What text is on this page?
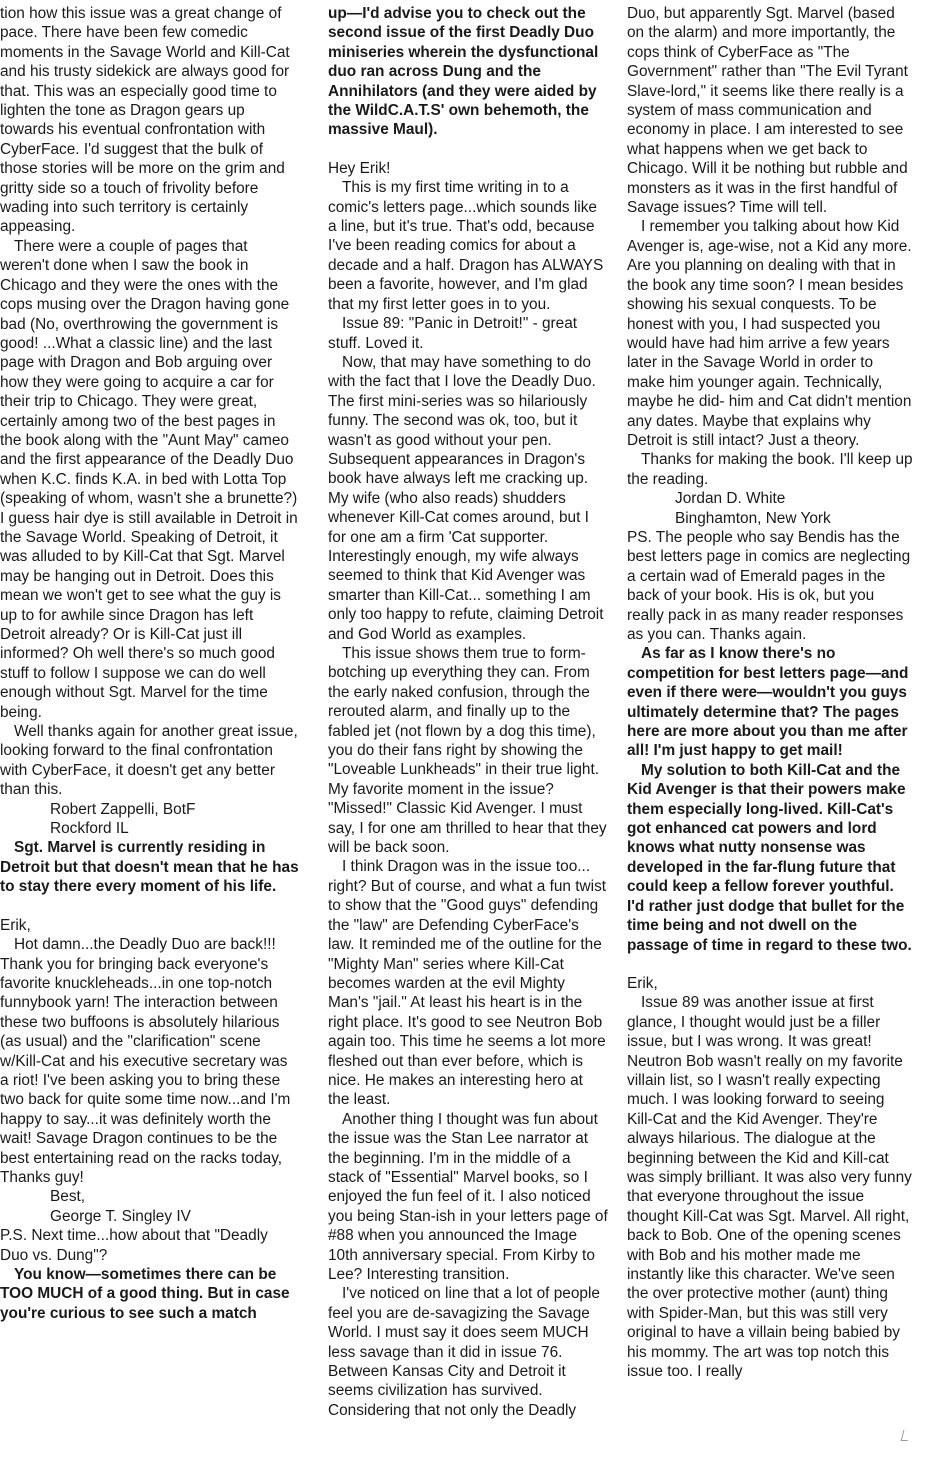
tion how this issue was a great change of pace. There have been few comedic moments in the Savage World and Kill-Cat and his trusty sidekick are always good for that. This was an especially good time to lighten the tone as Dragon gears up towards his eventual confrontation with CyberFace. I'd suggest that the bulk of those stories will be more on the grim and gritty side so a touch of frivolity before wading into such territory is certainly appeasing.

There were a couple of pages that weren't done when I saw the book in Chicago and they were the ones with the cops musing over the Dragon having gone bad (No, overthrowing the government is good! ...What a classic line) and the last page with Dragon and Bob arguing over how they were going to acquire a car for their trip to Chicago. They were great, certainly among two of the best pages in the book along with the "Aunt May" cameo and the first appearance of the Deadly Duo when K.C. finds K.A. in bed with Lotta Top (speaking of whom, wasn't she a brunette?) I guess hair dye is still available in Detroit in the Savage World. Speaking of Detroit, it was alluded to by Kill-Cat that Sgt. Marvel may be hanging out in Detroit. Does this mean we won't get to see what the guy is up to for awhile since Dragon has left Detroit already? Or is Kill-Cat just ill informed? Oh well there's so much good stuff to follow I suppose we can do well enough without Sgt. Marvel for the time being.

Well thanks again for another great issue, looking forward to the final confrontation with CyberFace, it doesn't get any better than this.

Robert Zappelli, BotF

Rockford IL

Sgt. Marvel is currently residing in Detroit but that doesn't mean that he has to stay there every moment of his life.

Erik,

Hot damn...the Deadly Duo are back!!! Thank you for bringing back everyone's favorite knuckleheads...in one top-notch funnybook yarn! The interaction between these two buffoons is absolutely hilarious (as usual) and the "clarification" scene w/Kill-Cat and his executive secretary was a riot! I've been asking you to bring these two back for quite some time now...and I'm happy to say...it was definitely worth the wait! Savage Dragon continues to be the best entertaining read on the racks today,

Thanks guy!

Best,

George T. Singley IV

P.S. Next time...how about that "Deadly Duo vs. Dung"?

You know—sometimes there can be TOO MUCH of a good thing. But in case you're curious to see such a match

up—I'd advise you to check out the second issue of the first Deadly Duo miniseries wherein the dysfunctional duo ran across Dung and the Annihilators (and they were aided by the WildC.A.T.S' own behemoth, the massive Maul).

Hey Erik!

This is my first time writing in to a comic's letters page...which sounds like a line, but it's true. That's odd, because I've been reading comics for about a decade and a half. Dragon has ALWAYS been a favorite, however, and I'm glad that my first letter goes in to you.

Issue 89: "Panic in Detroit!" - great stuff. Loved it.

Now, that may have something to do with the fact that I love the Deadly Duo. The first mini-series was so hilariously funny. The second was ok, too, but it wasn't as good without your pen. Subsequent appearances in Dragon's book have always left me cracking up. My wife (who also reads) shudders whenever Kill-Cat comes around, but I for one am a firm 'Cat supporter. Interestingly enough, my wife always seemed to think that Kid Avenger was smarter than Kill-Cat... something I am only too happy to refute, claiming Detroit and God World as examples.

This issue shows them true to form-botching up everything they can. From the early naked confusion, through the rerouted alarm, and finally up to the fabled jet (not flown by a dog this time), you do their fans right by showing the "Loveable Lunkheads" in their true light. My favorite moment in the issue? "Missed!" Classic Kid Avenger. I must say, I for one am thrilled to hear that they will be back soon.

I think Dragon was in the issue too... right? But of course, and what a fun twist to show that the "Good guys" defending the "law" are Defending CyberFace's law. It reminded me of the outline for the "Mighty Man" series where Kill-Cat becomes warden at the evil Mighty Man's "jail." At least his heart is in the right place. It's good to see Neutron Bob again too. This time he seems a lot more fleshed out than ever before, which is nice. He makes an interesting hero at the least.

Another thing I thought was fun about the issue was the Stan Lee narrator at the beginning. I'm in the middle of a stack of "Essential" Marvel books, so I enjoyed the fun feel of it. I also noticed you being Stan-ish in your letters page of #88 when you announced the Image 10th anniversary special. From Kirby to Lee? Interesting transition.

I've noticed on line that a lot of people feel you are de-savagizing the Savage World. I must say it does seem MUCH less savage than it did in issue 76. Between Kansas City and Detroit it seems civilization has survived. Considering that not only the Deadly

Duo, but apparently Sgt. Marvel (based on the alarm) and more importantly, the cops think of CyberFace as "The Government" rather than "The Evil Tyrant Slave-lord," it seems like there really is a system of mass communication and economy in place. I am interested to see what happens when we get back to Chicago. Will it be nothing but rubble and monsters as it was in the first handful of Savage issues? Time will tell.

I remember you talking about how Kid Avenger is, age-wise, not a Kid any more. Are you planning on dealing with that in the book any time soon? I mean besides showing his sexual conquests. To be honest with you, I had suspected you would have had him arrive a few years later in the Savage World in order to make him younger again. Technically, maybe he did- him and Cat didn't mention any dates. Maybe that explains why Detroit is still intact? Just a theory.

Thanks for making the book. I'll keep up the reading.

Jordan D. White

Binghamton, New York

PS. The people who say Bendis has the best letters page in comics are neglecting a certain wad of Emerald pages in the back of your book. His is ok, but you really pack in as many reader responses as you can. Thanks again.

As far as I know there's no competition for best letters page—and even if there were—wouldn't you guys ultimately determine that? The pages here are more about you than me after all! I'm just happy to get mail!

My solution to both Kill-Cat and the Kid Avenger is that their powers make them especially long-lived. Kill-Cat's got enhanced cat powers and lord knows what nutty nonsense was developed in the far-flung future that could keep a fellow forever youthful. I'd rather just dodge that bullet for the time being and not dwell on the passage of time in regard to these two.

Erik,

Issue 89 was another issue at first glance, I thought would just be a filler issue, but I was wrong. It was great! Neutron Bob wasn't really on my favorite villain list, so I wasn't really expecting much. I was looking forward to seeing Kill-Cat and the Kid Avenger. They're always hilarious. The dialogue at the beginning between the Kid and Kill-cat was simply brilliant. It was also very funny that everyone throughout the issue thought Kill-Cat was Sgt. Marvel. All right, back to Bob. One of the opening scenes with Bob and his mother made me instantly like this character. We've seen the over protective mother (aunt) thing with Spider-Man, but this was still very original to have a villain being babied by his mommy. The art was top notch this issue too. I really
